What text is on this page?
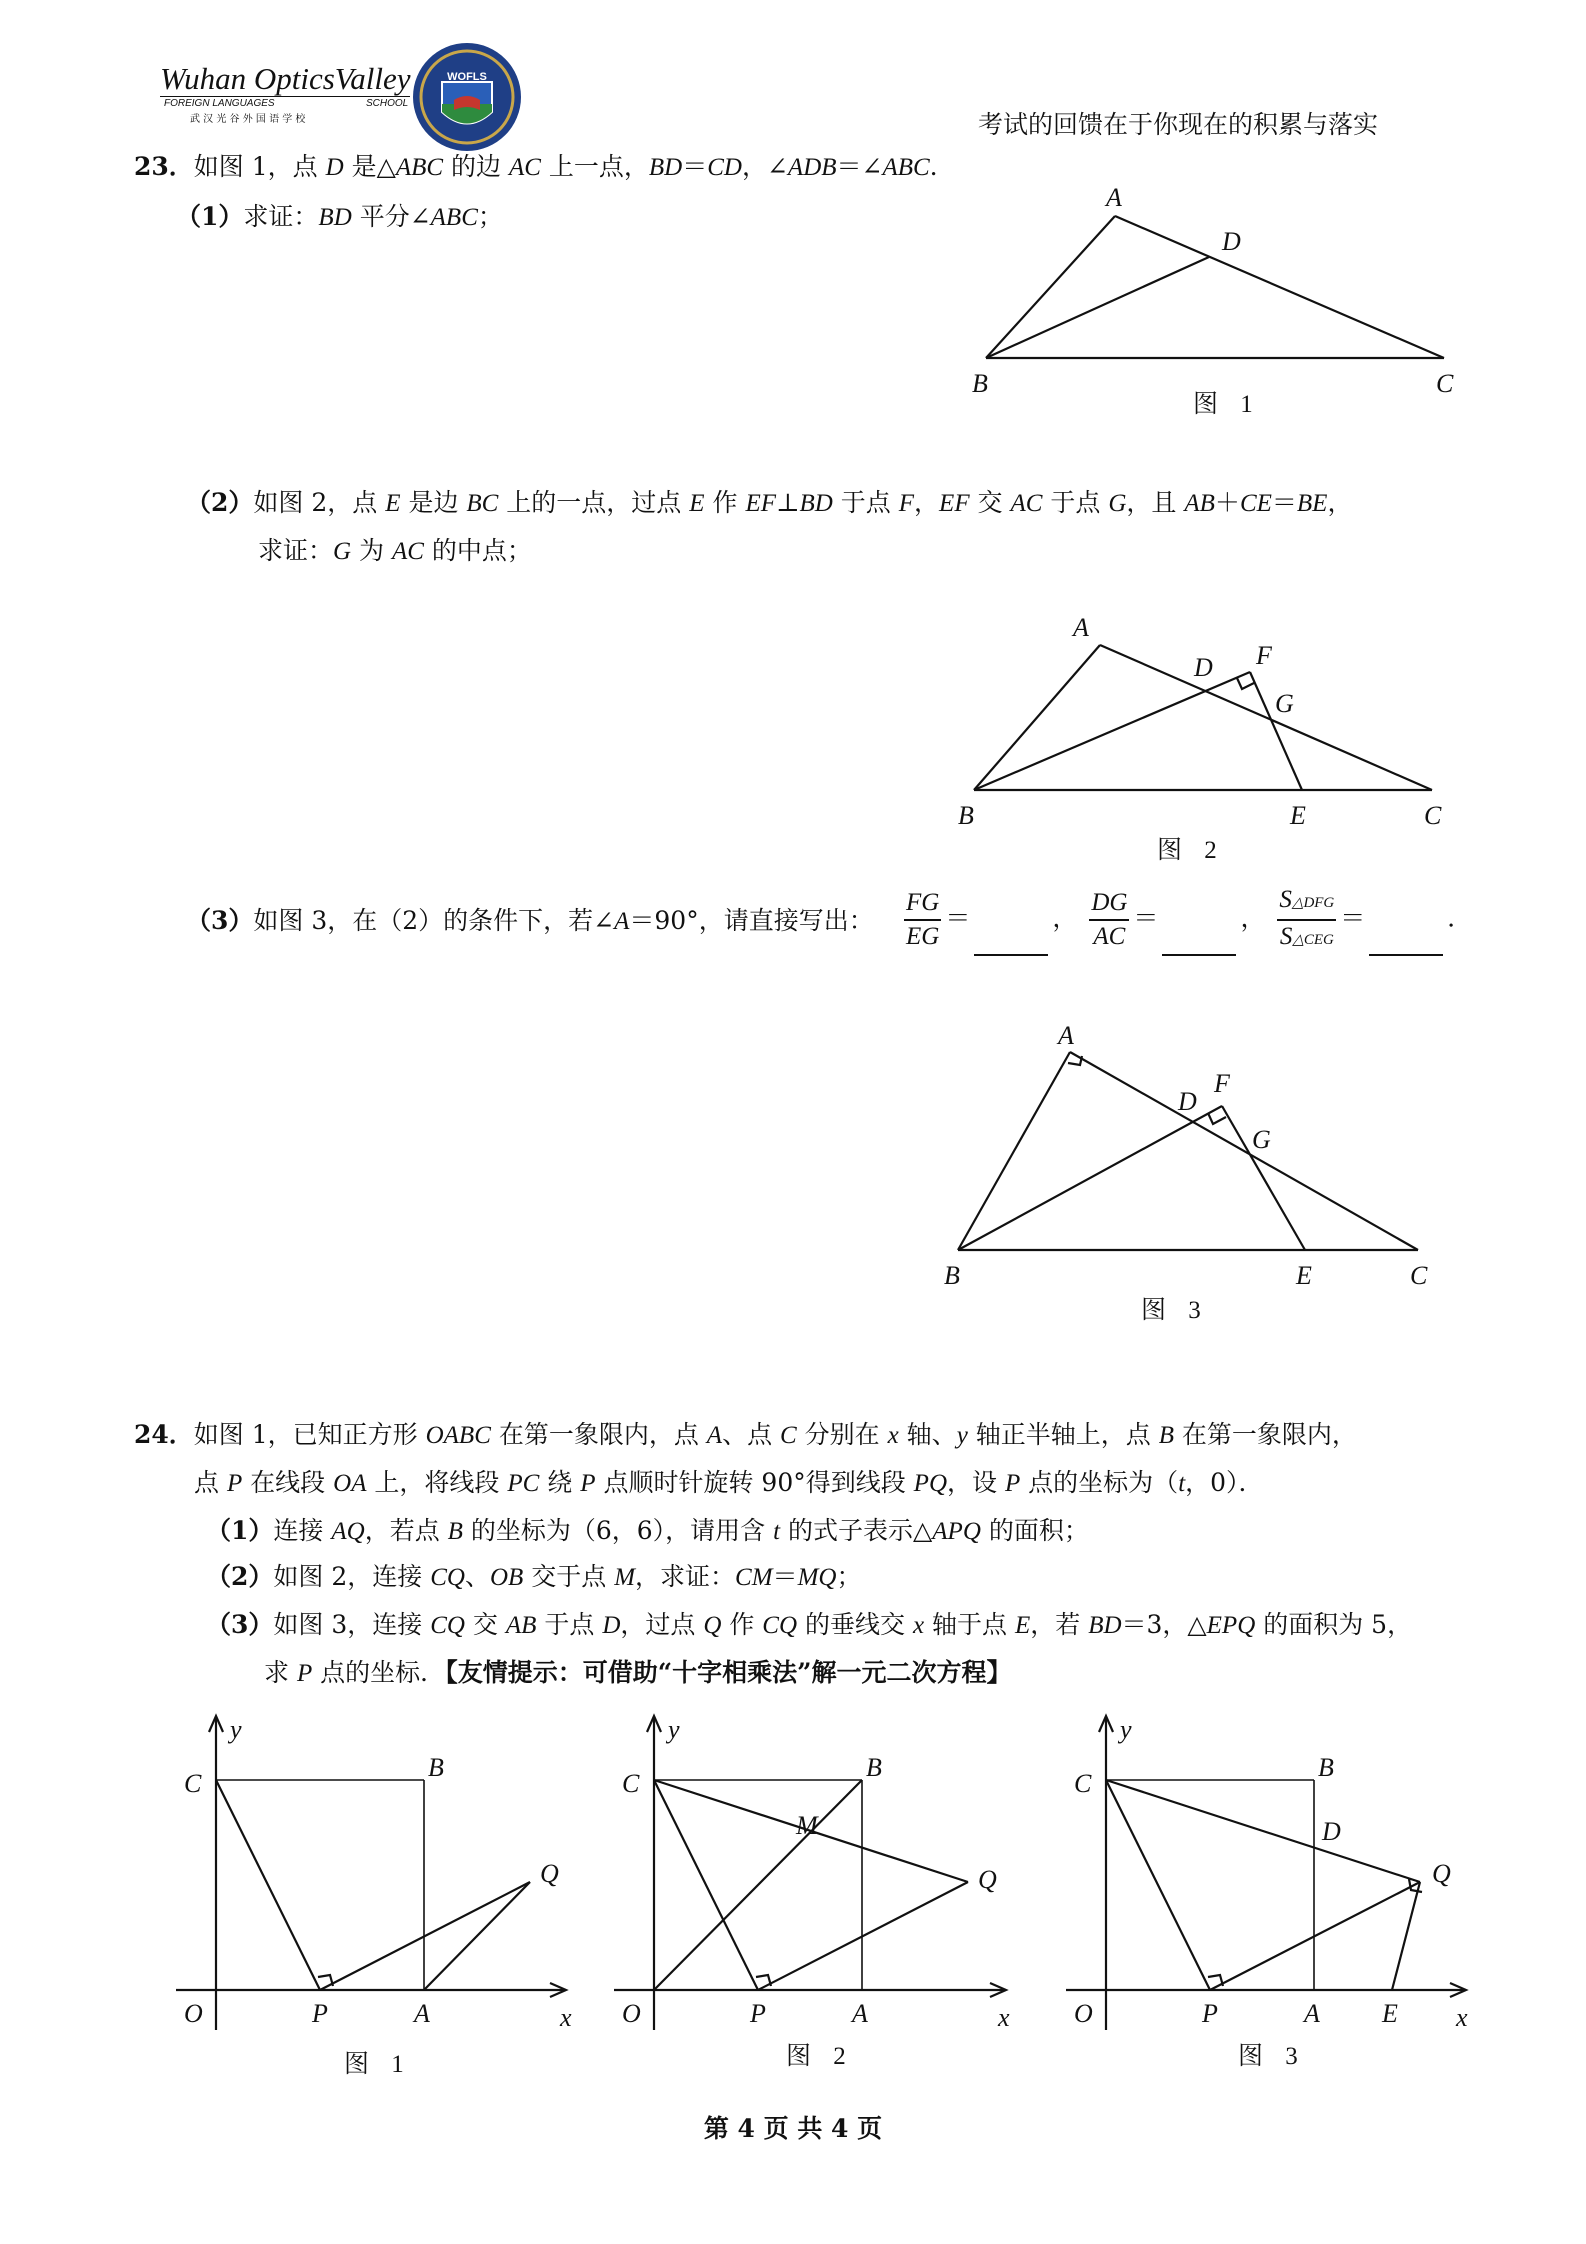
Wuhan OpticsValley
FOREIGN LANGUAGES	SCHOOL
武 汉 光 谷 外 国 语 学 校
WOFLS
考试的回馈在于你现在的积累与落实
23．如图 1，点 D 是△ABC 的边 AC 上一点，BD＝CD，∠ADB＝∠ABC．
（1）求证：BD 平分∠ABC；
A
D
B	C
图 1
（2）如图 2，点 E 是边 BC 上的一点，过点 E 作 EF⊥BD 于点 F，EF 交 AC 于点 G，且 AB＋CE＝BE，
求证：G 为 AC 的中点；
A
D F
G
B	E	C
图 2
（3）如图 3，在（2）的条件下，若∠A＝90°，请直接写出： $\frac{FG}{EG}$ ＝	， $\frac{DG}{AC}$ ＝	， $\frac{\text{S△DFG}}{\text{S△CEG}}$ ＝	．
A
D
F
G
B	E	C
图 3
24．如图 1，已知正方形 OABC 在第一象限内，点 A、点 C 分别在 x 轴、y 轴正半轴上，点 B 在第一象限内，
点 P 在线段 OA 上，将线段 PC 绕 P 点顺时针旋转 90°得到线段 PQ，设 P 点的坐标为（t，0）．
（1）连接 AQ，若点 B 的坐标为（6，6），请用含 t 的式子表示△APQ 的面积；
（2）如图 2，连接 CQ、OB 交于点 M，求证：CM＝MQ；
（3）如图 3，连接 CQ 交 AB 于点 D，过点 Q 作 CQ 的垂线交 x 轴于点 E，若 BD＝3，△EPQ 的面积为 5，
求 P 点的坐标．【友情提示：可借助“十字相乘法”解一元二次方程】
y
C
B
Q
O	P	A	x
图 1
y
C
B
M
Q
O	P	A	x
图 2
y
C
B
D
Q
O	P	A E x
图 3
第 4 页 共 4 页
